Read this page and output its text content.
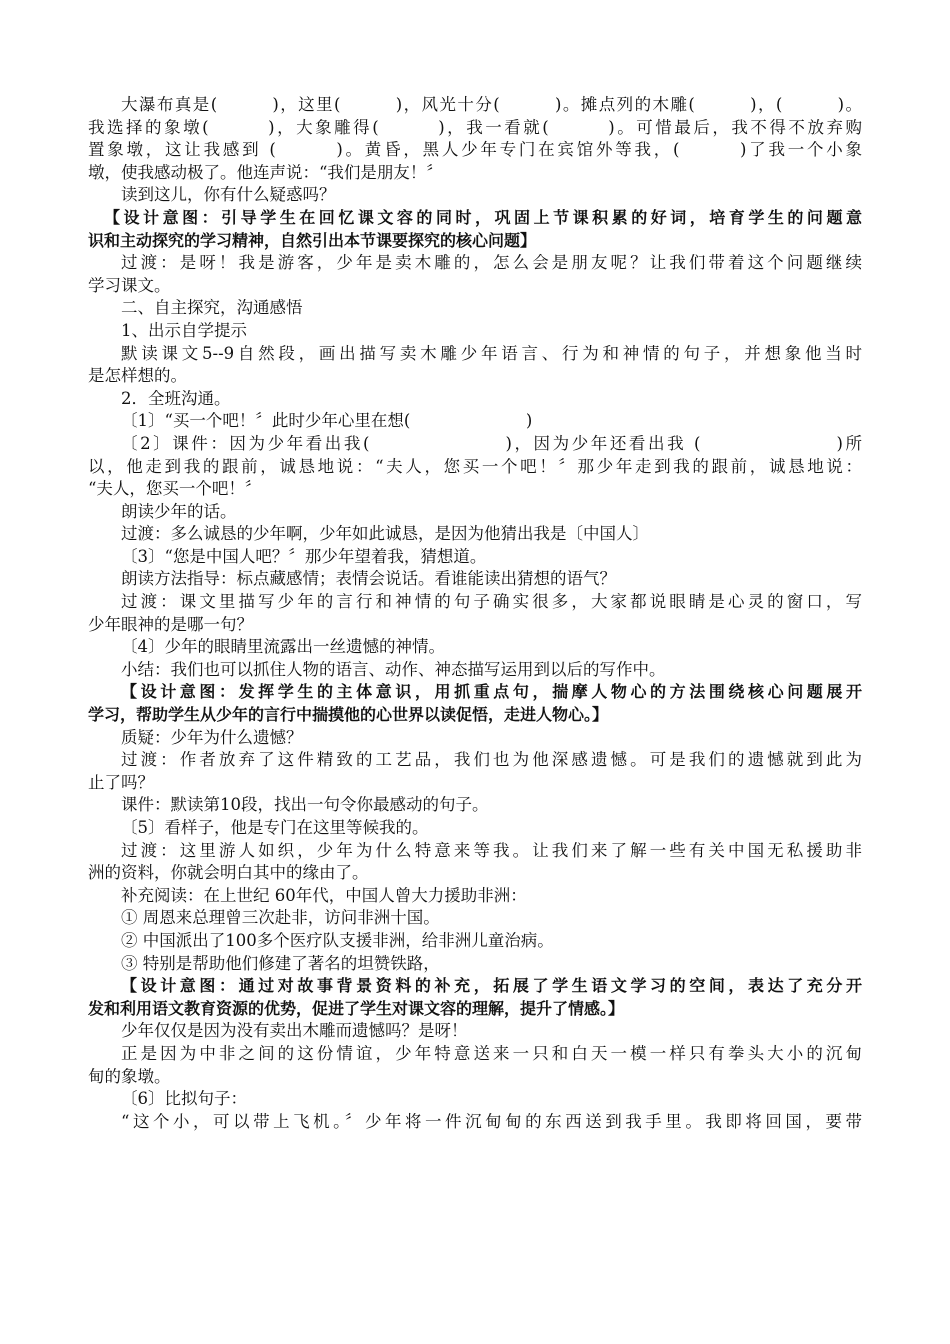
大瀑布真是(　　　)，这里(　　　)，风光十分(　　　)。摊点列的木雕(　　　)，(　　　)。
我选择的象墩(　　　)，大象雕得(　　　)，我一看就(　　　)。可惜最后，我不得不放弃购
置象墩，这让我感到 (　　　)。黄昏，黑人少年专门在宾馆外等我，(　　　)了我一个小象
墩，使我感动极了。他连声说：“我们是朋友！〞
读到这儿，你有什么疑惑吗？
【设计意图：引导学生在回忆课文容的同时，巩固上节课积累的好词，培育学生的问题意
识和主动探究的学习精神，自然引出本节课要探究的核心问题】
过渡：是呀！我是游客，少年是卖木雕的，怎么会是朋友呢？让我们带着这个问题继续
学习课文。
二、自主探究，沟通感悟
1、出示自学提示
默读课文5--9自然段，画出描写卖木雕少年语言、行为和神情的句子，并想象他当时
是怎样想的。
2．全班沟通。
〔1〕“买一个吧！〞此时少年心里在想(　　　　　　　)
〔2〕课件：因为少年看出我(　　　　　　　)，因为少年还看出我 (　　　　　　　)所
以，他走到我的跟前，诚恳地说：“夫人，您买一个吧！〞那少年走到我的跟前，诚恳地说：
“夫人，您买一个吧！〞
朗读少年的话。
过渡：多么诚恳的少年啊，少年如此诚恳，是因为他猜出我是〔中国人〕
〔3〕“您是中国人吧？〞那少年望着我，猜想道。
朗读方法指导：标点藏感情；表情会说话。看谁能读出猜想的语气？
过渡：课文里描写少年的言行和神情的句子确实很多，大家都说眼睛是心灵的窗口，写
少年眼神的是哪一句？
〔4〕少年的眼睛里流露出一丝遗憾的神情。
小结：我们也可以抓住人物的语言、动作、神态描写运用到以后的写作中。
【设计意图：发挥学生的主体意识，用抓重点句，揣摩人物心的方法围绕核心问题展开
学习，帮助学生从少年的言行中揣摸他的心世界以读促悟，走进人物心。】
质疑：少年为什么遗憾？
过渡：作者放弃了这件精致的工艺品，我们也为他深感遗憾。可是我们的遗憾就到此为
止了吗？
课件：默读第10段，找出一句令你最感动的句子。
〔5〕看样子，他是专门在这里等候我的。
过渡：这里游人如织，少年为什么特意来等我。让我们来了解一些有关中国无私援助非
洲的资料，你就会明白其中的缘由了。
补充阅读：在上世纪 60年代，中国人曾大力援助非洲：
① 周恩来总理曾三次赴非，访问非洲十国。
② 中国派出了100多个医疗队支援非洲，给非洲儿童治病。
③ 特别是帮助他们修建了著名的坦赞铁路，
【设计意图：通过对故事背景资料的补充，拓展了学生语文学习的空间，表达了充分开
发和利用语文教育资源的优势，促进了学生对课文容的理解，提升了情感。】
少年仅仅是因为没有卖出木雕而遗憾吗？是呀！
正是因为中非之间的这份情谊，少年特意送来一只和白天一模一样只有拳头大小的沉甸
甸的象墩。
〔6〕比拟句子：
“这个小，可以带上飞机。〞少年将一件沉甸甸的东西送到我手里。我即将回国，要带
